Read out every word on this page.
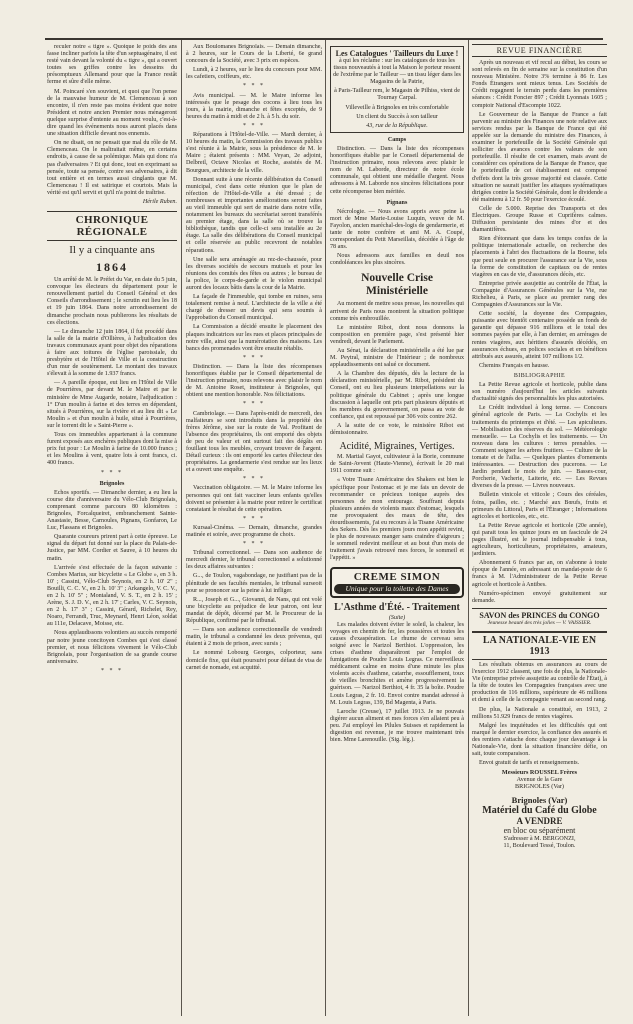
reculer notre « tigre ». Quoique le poids des ans fasse incliner parfois la tête d'un septuagénaire, il est resté vain devant la volonté du « tigre », qui a ouvert toutes ses griffes contre les desseins du présomptueux Allemand pour que la France restât ferme et sûre d'elle même.

M. Poincaré s'en souvient, et quoi que l'on pense de la mauvaise humeur de M. Clemenceau à son encontre, il n'en reste pas moins évident que notre Président et notre ancien Premier nous ménageront quelque surprise d'entente au moment voulu, c'est-à-dire quand les événements nous auront placés dans une situation difficile devant nos ennemis.

On ne disait, on ne pensait que mal du rôle de M. Clemenceau. On le maltraitait même, en certains endroits, à cause de sa polémique. Mais qui donc n'a pas d'adversaires ? Et qui donc, tout en exprimant sa pensée, toute sa pensée, contre ses adversaires, à dit tout entière et en termes aussi cinglants que M. Clemenceau ! Il est satirique et courtois. Mais la vérité est qu'il servit et qu'il n'a point de traîtrise.

Hérile Ruben.
CHRONIQUE RÉGIONALE
Il y a cinquante ans
1864

Un arrêté de M. le Préfet du Var, en date du 5 juin, convoque les électeurs du département pour le renouvellement partiel du Conseil Général et des Conseils d'arrondissement ; le scrutin eut lieu les 18 et 19 juin 1864. Dans notre arrondissement de dimanche prochain nous publierons les résultats de ces élections.

— Le dimanche 12 juin 1864, il fut procédé dans la salle de la mairie d'Ollières, à l'adjudication des travaux communaux ayant pour objet des réparations à faire aux toitures de l'église paroissiale, du presbytère et de l'Hôtel de Ville et la construction d'un mur de soutènement. Le montant des travaux s'élevait à la somme de 1.937 francs.

— A pareille époque, eut lieu en l'Hôtel de Ville de Pourrières, par devant M. le Maire et par le ministère de Mme Augarde, notaire, l'adjudication : 1° D'un moulin à farine et des terres en dépendant, situés à Pourrières, sur la rivière et au lieu dit « Le Moulin » et d'un moulin à huile, situé à Pourrières, sur le torrent dit le « Saint-Pierre ».

Tous ces immeubles appartenant à la commune furent exposés aux enchères publiques dont la mise à prix fut pour : Le Moulin à farine de 10.000 francs ; et les Moulins à vent, quatre lots à cent francs, ci. 400 francs.

* * *
Brignoles

Echos sportifs. — Dimanche dernier, a eu lieu la course dite d'anniversaire du Vélo-Club Brignolais, comprenant comme parcours 80 kilomètres : Brignoles, Forcalqueiret, embranchement Sainte-Anastasie, Besse, Carnoules, Pignans, Gonfaron, Le Luc, Flassans et Brignoles.

Quarante coureurs prirent part à cette épreuve. Le signal du départ fut donné sur la place du Palais-de-Justice, par MM. Cordier et Sauve, à 10 heures du matin.

L'arrivée s'est effectuée de la façon suivante : Combes Marius, sur bicyclette « Le Globe », en 3 h. 10' ; Cassini, Vélo-Club Seynois, en 2 h. 10' 2" ; Bouilli, C. C. V., en 2 h. 10' 3" ; Arkangelo, V. C. V., en 2 h. 10' 5" ; Montaland, V. S. T., en 2 h. 15' ; Arène, S. J. D. V., en 2 h. 17' ; Carles, V. C. Seynois, en 2 h. 17' 3" ; Cassini, Gérard, Richelet, Rey, Noaro, Ferrandi, Truc, Meynard, Henri Léon, soldat au 111e, Delacave, Moisse, etc.

Nous applaudissons volontiers au succès remporté par notre jeune concitoyen Combes qui s'est classé premier, et nous félicitons vivement le Vélo-Club Brignolais, pour l'organisation de sa grande course anniversaire.

* * *

Aux Boulomanes Brignolais. — Demain dimanche, à 2 heures, sur le Cours de la Liberté, 6e grand concours de la Société, avec 3 prix en espèces.

Lundi, à 2 heures, sur le lieu du concours pour MM. les cafetiers, coiffeurs, etc.

* * *

Avis municipal. — M. le Maire informe les intéressés que le pesage des cocons à lieu tous les jours, à la mairie, dimanche et fêtes exceptés, de 9 heures du matin à midi et de 2 h. à 5 h. du soir.

* * *

Réparations à l'Hôtel-de-Ville. — Mardi dernier, à 10 heures du matin, la Commission des travaux publics s'est réunie à la Mairie, sous la présidence de M. le Maire ; étaient présents : MM. Veyan, 2e adjoint, Delbreil, Octave Nicolas et Roche, assistés de M. Bourgues, architecte de la ville.

Donnant suite à une récente délibération du Conseil municipal, c'est dans cette réunion que le plan de réfection de l'Hôtel-de-Ville a été dressé ; de nombreuses et importantes améliorations seront faites au vieil immeuble qui sert de mairie dans notre ville, notamment les bureaux du secrétariat seront transférés au premier étage, dans la salle où se trouve la bibliothèque, tandis que celle-ci sera installée au 2e étage. La salle des délibérations du Conseil municipal et celle réservée au public recevront de notables réparations.

Une salle sera aménagée au rez-de-chaussée, pour les diverses sociétés de secours mutuels et pour les réunions des comités des fêtes ou autres ; le bureau de la police, le corps-de-garde et le violon municipal auront des locaux bâtis dans la cour de la Mairie.

La façade de l'immeuble, qui tombe en ruines, sera totalement remise à neuf. L'architecte de la ville a été chargé de dresser un devis qui sera soumis à l'approbation du Conseil municipal.

La Commission a décidé ensuite le placement des plaques indicatrices sur les rues et places principales de notre ville, ainsi que la numérotation des maisons. Les bancs des promenades vont être ensuite rétablis.

* * *

Distinction. — Dans la liste des récompenses honorifiques établie par le Conseil départemental de l'instruction primaire, nous relevons avec plaisir le nom de M. Antoine Roset, instituteur à Brignoles, qui obtient une mention honorable. Nos félicitations.

* * *

Cambriolage. — Dans l'après-midi de mercredi, des malfaiteurs se sont introduits dans la propriété des frères Jérôme, sise sur la route de Val. Profitant de l'absence des propriétaires, ils ont emporté des objets de peu de valeur et ont surtout fait des dégâts en fouillant tous les meubles, croyant trouver de l'argent. Détail curieux : ils ont emporté les cartes d'électeur des propriétaires. La gendarmerie s'est rendue sur les lieux et a ouvert une enquête.

* * *

Vaccination obligatoire. — M. le Maire informe les personnes qui ont fait vacciner leurs enfants qu'elles doivent se présenter à la mairie pour retirer le certificat constatant le résultat de cette opération.

* * *

Kursaal-Cinéma. — Demain, dimanche, grandes matinée et soirée, avec programme de choix.

* * *

Tribunal correctionnel. — Dans son audience de mercredi dernier, le tribunal correctionnel a solutionné les deux affaires suivantes :

G..., de Toulon, vagabondage, ne justifiant pas de la plénitude de ses facultés mentales, le tribunal surseoit pour se prononcer sur la peine à lui infliger.

R..., Joseph et G..., Giovanni, de Nans, qui ont volé une bicyclette au préjudice de leur patron, ont leur mandat de dépôt, décerné par M. le Procureur de la République, confirmé par le tribunal.

— Dans son audience correctionnelle de vendredi matin, le tribunal a condamné les deux prévenus, qui étaient à 2 mois de prison, avec sursis ;

Le nommé Lobourg Georges, colporteur, sans domicile fixe, qui était poursuivi pour défaut de visa de carnet de nomade, est acquitté.

Les Catalogues ' Tailleurs du Luxe !

à qui les réclame : sur les catalogues de tous les tissus nouveautés à tout la Maison le porteur ressent de l'extrême par le Tailleur — un tissu léger dans les Magasins de la Patrie,

à Paris-Tailleur rem, le Magasin de Pilhiss, vient de Tournay Carpal.

Villeveille à Brignoles en très comfortable

Un client du Succès à son tailleur

43, rue de la République.
Camps

Distinction. — Dans la liste des récompenses honorifiques établie par le Conseil départemental de l'instruction primaire, nous relevons avec plaisir le nom de M. Laborde, directeur de notre école communale, qui obtient une médaille d'argent. Nous adressons à M. Laborde nos sincères félicitations pour cette récompense bien méritée.

Pignans

Nécrologie. — Nous avons appris avec peine la mort de Mme Marie-Louise Luquin, veuve de M. Fayolon, ancien maréchal-des-logis de gendarmerie, et tante de notre confrère et ami M. A. Coupé, correspondant du Petit Marseillais, décédée à l'âge de 78 ans.

Nous adressons aux familles en deuil nos condoléances les plus sincères.

Nouvelle Crise Ministérielle

Au moment de mettre sous presse, les nouvelles qui arrivent de Paris nous montrent la situation politique comme très embrouillée.

Le ministère Ribot, dont nous donnons la composition en première page, s'est présenté hier vendredi, devant le Parlement.

Au Sénat, la déclaration ministérielle a été lue par M. Peytral, ministre de l'Intérieur ; de nombreux applaudissements ont salué ce document.

A la Chambre des députés, dès la lecture de la déclaration ministérielle, par M. Ribot, président du Conseil, ont eu lieu plusieurs interpellations sur la politique générale du Cabinet ; après une longue discussion à laquelle ont pris part plusieurs députés et les membres du gouvernement, on passa au vote de confiance, qui est repoussé par 306 voix contre 262.

A la suite de ce vote, le ministère Ribot est démissionnaire.

Acidité, Migraines, Vertiges.

M. Martial Gayot, cultivateur à la Borie, commune de Saint-Avvent (Haute-Vienne), écrivait le 20 mai 1911 comme suit :

« Votre Tisane Américaine des Shakers est bien le spécifique pour l'estomac et je me fais un devoir de recommander ce précieux tonique auprès des personnes de mon entourage. Souffrant depuis plusieurs années de violents maux d'estomac, lesquels me provoquaient des maux de tête, des étourdissements, j'ai eu recours à la Tisane Américaine des Sekers. Dès les premiers jours mon appétit revint, le plus de nouveaux manger sans craindre d'aigreurs ; le sommeil redevint meilleur et au bout d'un mois de traitement j'avais retrouvé mes forces, le sommeil et l'appétit. »

CREME SIMON
Unique pour la toilette des Dames
L'Asthme d'Été. - Traitement
(Suite)

Les malades doivent éviter le soleil, la chaleur, les voyages en chemin de fer, les poussières et toutes les causes d'exaspération. Le rhume de cerveau sera soigné avec le Narizol Berthiot. L'oppression, les crises d'asthme disparaîtront par l'emploi de fumigations de Poudre Louis Legras. Ce merveilleux médicament calme en moins d'une minute les plus violents accès d'asthme, catarrhe, essoufflement, toux de vieilles bronchites et amène progressivement la guérison. — Narizol Berthiot, 4 fr. 35 la boîte. Poudre Louis Legras, 2 fr. 10. Envoi contre mandat adressé à M. Louis Legras, 139, Bd Magenta, à Paris.

Laroche (Creuse), 17 juillet 1913. Je ne pouvais digérer aucun aliment et mes forces s'en allaient peu à peu. J'ai employé les Pilules Suisses et rapidement la digestion est revenue, je me trouve maintenant très bien. Mme Larenouille. (Sig. lég.).

REVUE FINANCIÈRE

Après un nouveau et vif recul au début, les cours se sont relevés en fin de semaine sur la constitution d'un nouveau Ministère. Notre 3% termine à 86 fr. Les Fonds Étrangers sont mieux tenus. Les Sociétés de Crédit regagnent le terrain perdu dans les premières séances : Crédit Foncier 897 ; Crédit Lyonnais 1605 ; comptoir National d'Escompte 1022.

Le Gouverneur de la Banque de France a fait parvenir au ministre des Finances une note relative aux services rendus par la Banque de France qui été appelée sur la demande du ministre des Finances, à examiner le portefeuille de la Société Générale qui solliciter des avances contre les valeurs de son portefeuille. Il résulte de cet examen, mais avant de considérer ces opérations de la Banque de France, que le portefeuille de cet établissement est composé d'effets dont la très grosse majorité est classée. Cette situation ne saurait justifier les attaques systématiques dirigées contre la Société Générale, dont le dividende a été maintenu à 12 fr. 50 pour l'exercice écoulé.

Celle de 5.000. Reprise des Transports et des Electriques. Groupe Russe et Cuprifères calmes. Diffusion persistante des mines d'or et des diamantifères.

Rien d'étonnant que dans les temps confus de la politique internationale actuelle, on recherche des placements à l'abri des fluctuations de la Bourse, tels que peut seule en procurer l'assurance sur la Vie, sous la forme de constitution de capitaux ou de rentes viagères en cas de vie, d'assurances décès, etc.

Entreprise privée assujettie au contrôle de l'État, la Compagnie d'Assurances Générales sur la Vie, rue Richelieu, à Paris, se place au premier rang des Compagnies d'Assurances sur la Vie.

Cette société, la doyenne des Compagnies, puissante avec bientôt centenaire possède un fonds de garantie qui dépasse 916 millions et le total des sommes payées par elle, à l'an dernier, en arrérages de rentes viagères, aux héritiers d'assurés décédés, en assurances échues, en polices sociales et en bénéfices attribués aux assurés, atteint 107 millions 1/2.

Chemins Français en hausse.

BIBLIOGRAPHIE

La Petite Revue agricole et horticole, publie dans son numéro d'aujourd'hui les articles suivants d'actualité signés des personnalités les plus autorisées.

Le Crédit individuel à long terme. — Concours général agricole de Paris. — La Cochylis et les traitements du printemps et d'été. — Les apiculteurs. — Mobilisation des réserves du sol. — Météorologie mensuelle. — La Cochylis et les traitements. — Un nouveau dans les cultures : terres prenables. — Comment soigner les arbres fruitiers. — Culture de la tomate et de l'aïlia. — Quelques plantes d'ornements intéressantes. — Destruction des pucerons. — Le Jardin pendant le mois de juin. — Basses-cour, Porcherie, Vacherie, Laiterie, etc. — Les Revues diverses de la presse. — Livres nouveaux.

Bulletin vinicole et viticole ; Cours des céréales, foins, pailles, etc. ; Marché aux Bœufs, fruits et primeurs du Littoral, Paris et l'Étranger ; Informations agricoles et horticoles, etc., etc.

La Petite Revue agricole et horticole (20e année), qui parait tous les quinze jours en un fascicule de 24 pages illustré, est le journal indispensable à tous, agriculteurs, horticulteurs, propriétaires, amateurs, jardiniers.

Abonnement 6 francs par an, on s'abonne à toute époque de l'année, en adressant un mandat-poste de 6 francs à M. l'Administrateur de la Petite Revue agricole et horticole à Antibes.

Numéro-spécimen envoyé gratuitement sur demande.

SAVON des PRINCES du CONGO
Jeunesse beauté des très jolies — V. VAISSIER.
LA NATIONALE-VIE EN 1913

Les résultats obtenus en assurances au cours de l'exercice 1912 classent, une fois de plus, la Nationale-Vie (entreprise privée assujettie au contrôle de l'État), à la tête de toutes les Compagnies françaises avec une production de 116 millions, supérieure de 46 millions et demi à celle de la compagnie venant au second rang.

De plus, la Nationale a constitué, en 1913, 2 millions 51.929 francs de rentes viagères.

Malgré les inquiétudes et les difficultés qui ont marqué le dernier exercice, la confiance des assurés et des rentiers s'attache donc chaque jour davantage à la Nationale-Vie, dont la situation financière défie, on sait, toute comparaison.

Envoi gratuit de tarifs et renseignements.

Messieurs ROUSSEL Frères
Avenue de la Gare
BRIGNOLES (Var)
Brignoles (Var)
Matériel du Café du Globe
A VENDRE
en bloc ou séparément
S'adresser à M. BERGONZI,
11, Boulevard Tessé, Toulon.
